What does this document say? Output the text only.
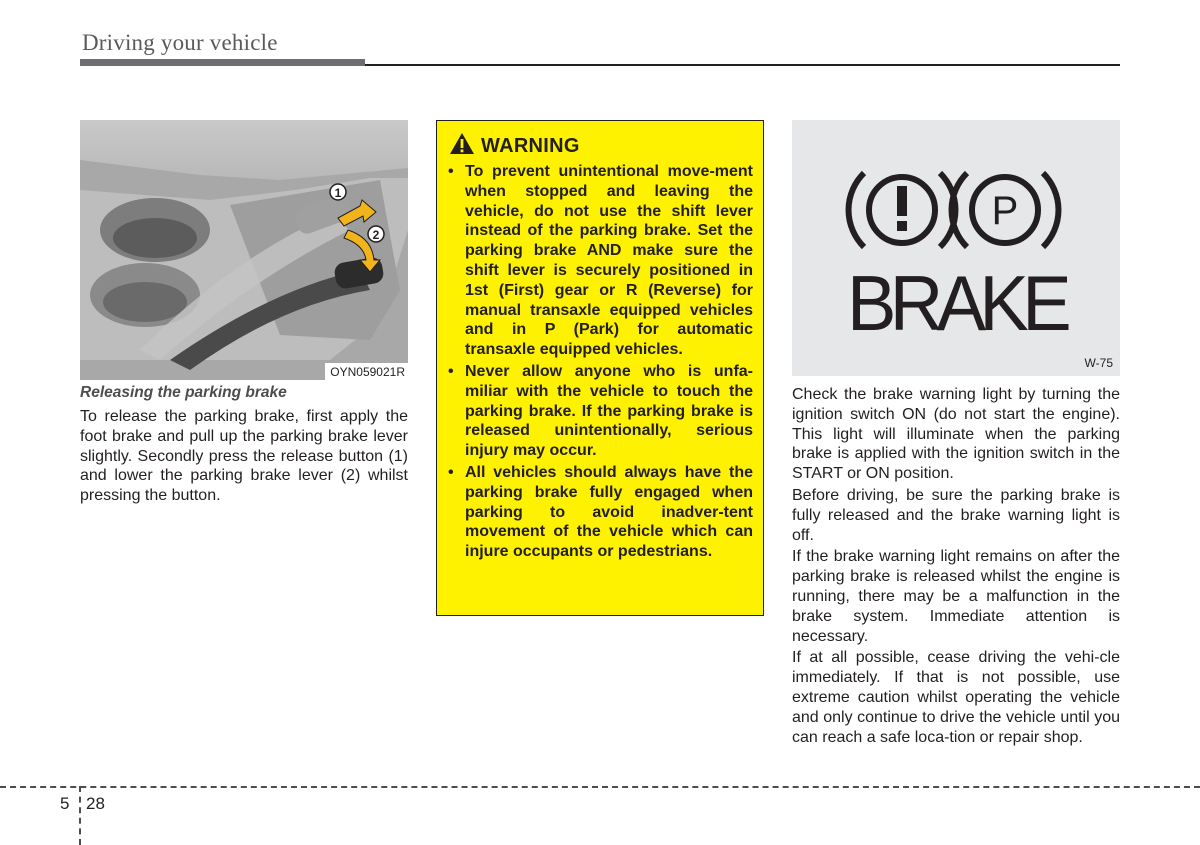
Driving your vehicle
1
2
OYN059021R
Releasing the parking brake

To release the parking brake, first apply the foot brake and pull up the parking brake lever slightly. Secondly press the release button (1) and lower the parking brake lever (2) whilst pressing the button.

WARNING
• To prevent unintentional move-ment when stopped and leaving the vehicle, do not use the shift lever instead of the parking brake. Set the parking brake AND make sure the shift lever is securely positioned in 1st (First) gear or R (Reverse) for manual transaxle equipped vehicles and in P (Park) for automatic transaxle equipped vehicles.
• Never allow anyone who is unfa-miliar with the vehicle to touch the parking brake. If the parking brake is released unintentionally, serious injury may occur.
• All vehicles should always have the parking brake fully engaged when parking to avoid inadver-tent movement of the vehicle which can injure occupants or pedestrians.
P
BRAKE
W-75

Check the brake warning light by turning the ignition switch ON (do not start the engine). This light will illuminate when the parking brake is applied with the ignition switch in the START or ON position.

Before driving, be sure the parking brake is fully released and the brake warning light is off.

If the brake warning light remains on after the parking brake is released whilst the engine is running, there may be a malfunction in the brake system. Immediate attention is necessary.

If at all possible, cease driving the vehi-cle immediately. If that is not possible, use extreme caution whilst operating the vehicle and only continue to drive the vehicle until you can reach a safe loca-tion or repair shop.

5 28
